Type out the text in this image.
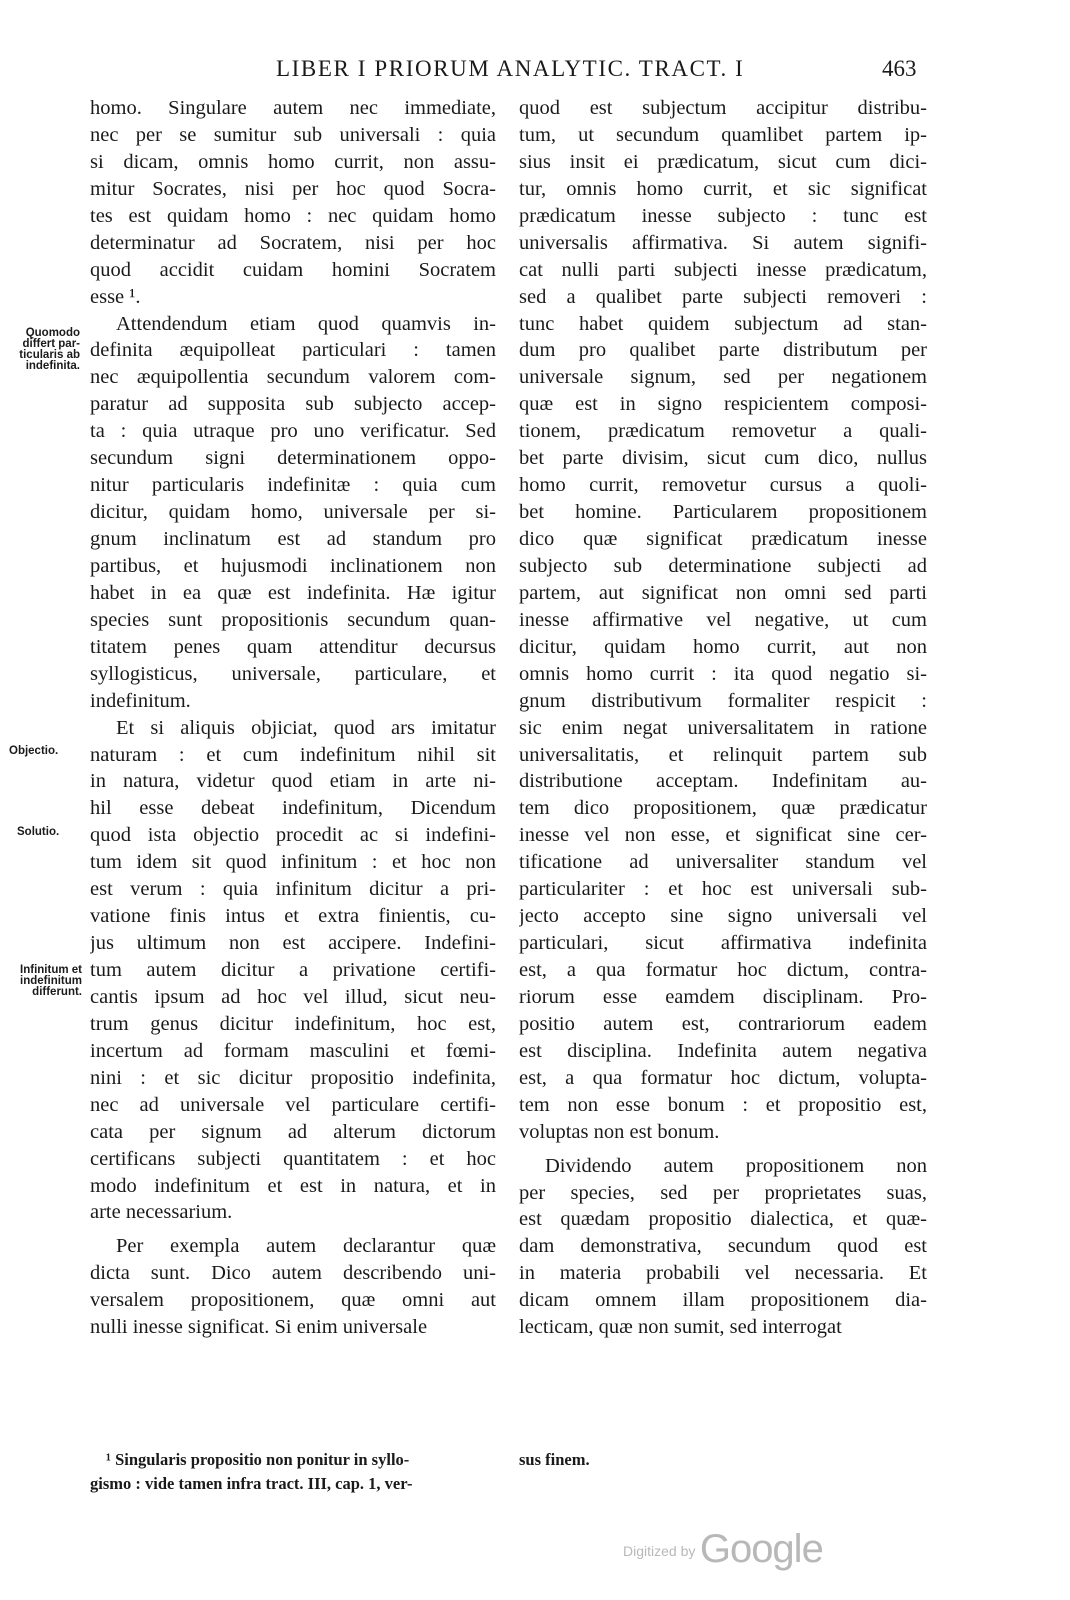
LIBER I PRIORUM ANALYTIC. TRACT. I	463
homo. Singulare autem nec immediate,
nec per se sumitur sub universali : quia
si dicam, omnis homo currit, non assu-
mitur Socrates, nisi per hoc quod Socra-
tes est quidam homo : nec quidam homo
determinatur ad Socratem, nisi per hoc
quod accidit cuidam homini Socratem
esse ¹.
Attendendum etiam quod quamvis in-
definita æquipolleat particulari : tamen
nec æquipollentia secundum valorem com-
paratur ad supposita sub subjecto accep-
ta : quia utraque pro uno verificatur. Sed
secundum signi determinationem oppo-
nitur particularis indefinitæ : quia cum
dicitur, quidam homo, universale per si-
gnum inclinatum est ad standum pro
partibus, et hujusmodi inclinationem non
habet in ea quæ est indefinita. Hæ igitur
species sunt propositionis secundum quan-
titatem penes quam attenditur decursus
syllogisticus, universale, particulare, et
indefinitum.
Et si aliquis objiciat, quod ars imitatur
naturam : et cum indefinitum nihil sit
in natura, videtur quod etiam in arte ni-
hil esse debeat indefinitum, Dicendum
quod ista objectio procedit ac si indefini-
tum idem sit quod infinitum : et hoc non
est verum : quia infinitum dicitur a pri-
vatione finis intus et extra finientis, cu-
jus ultimum non est accipere. Indefini-
tum autem dicitur a privatione certifi-
cantis ipsum ad hoc vel illud, sicut neu-
trum genus dicitur indefinitum, hoc est,
incertum ad formam masculini et fœmi-
nini : et sic dicitur propositio indefinita,
nec ad universale vel particulare certifi-
cata per signum ad alterum dictorum
certificans subjecti quantitatem : et hoc
modo indefinitum et est in natura, et in
arte necessarium.
Per exempla autem declarantur quæ
dicta sunt. Dico autem describendo uni-
versalem propositionem, quæ omni aut
nulli inesse significat. Si enim universale
quod est subjectum accipitur distribu-
tum, ut secundum quamlibet partem ip-
sius insit ei prædicatum, sicut cum dici-
tur, omnis homo currit, et sic significat
prædicatum inesse subjecto : tunc est
universalis affirmativa. Si autem signifi-
cat nulli parti subjecti inesse prædicatum,
sed a qualibet parte subjecti removeri :
tunc habet quidem subjectum ad stan-
dum pro qualibet parte distributum per
universale signum, sed per negationem
quæ est in signo respicientem composi-
tionem, prædicatum removetur a quali-
bet parte divisim, sicut cum dico, nullus
homo currit, removetur cursus a quoli-
bet homine. Particularem propositionem
dico quæ significat prædicatum inesse
subjecto sub determinatione subjecti ad
partem, aut significat non omni sed parti
inesse affirmative vel negative, ut cum
dicitur, quidam homo currit, aut non
omnis homo currit : ita quod negatio si-
gnum distributivum formaliter respicit :
sic enim negat universalitatem in ratione
universalitatis, et relinquit partem sub
distributione acceptam. Indefinitam au-
tem dico propositionem, quæ prædicatur
inesse vel non esse, et significat sine cer-
tificatione ad universaliter standum vel
particulariter : et hoc est universali sub-
jecto accepto sine signo universali vel
particulari, sicut affirmativa indefinita
est, a qua formatur hoc dictum, contra-
riorum esse eamdem disciplinam. Pro-
positio autem est, contrariorum eadem
est disciplina. Indefinita autem negativa
est, a qua formatur hoc dictum, volupta-
tem non esse bonum : et propositio est,
voluptas non est bonum.
Dividendo autem propositionem non
per species, sed per proprietates suas,
est quædam propositio dialectica, et quæ-
dam demonstrativa, secundum quod est
in materia probabili vel necessaria. Et
dicam omnem illam propositionem dia-
lecticam, quæ non sumit, sed interrogat
Quomodo
differt par-
ticularis ab
indefinita.
Objectio.
Solutio.
Infinitum et
indefinitum
differunt.
¹ Singularis propositio non ponitur in syllo-
gismo : vide tamen infra tract. III, cap. 1, ver-
sus finem.
Digitized by Google
